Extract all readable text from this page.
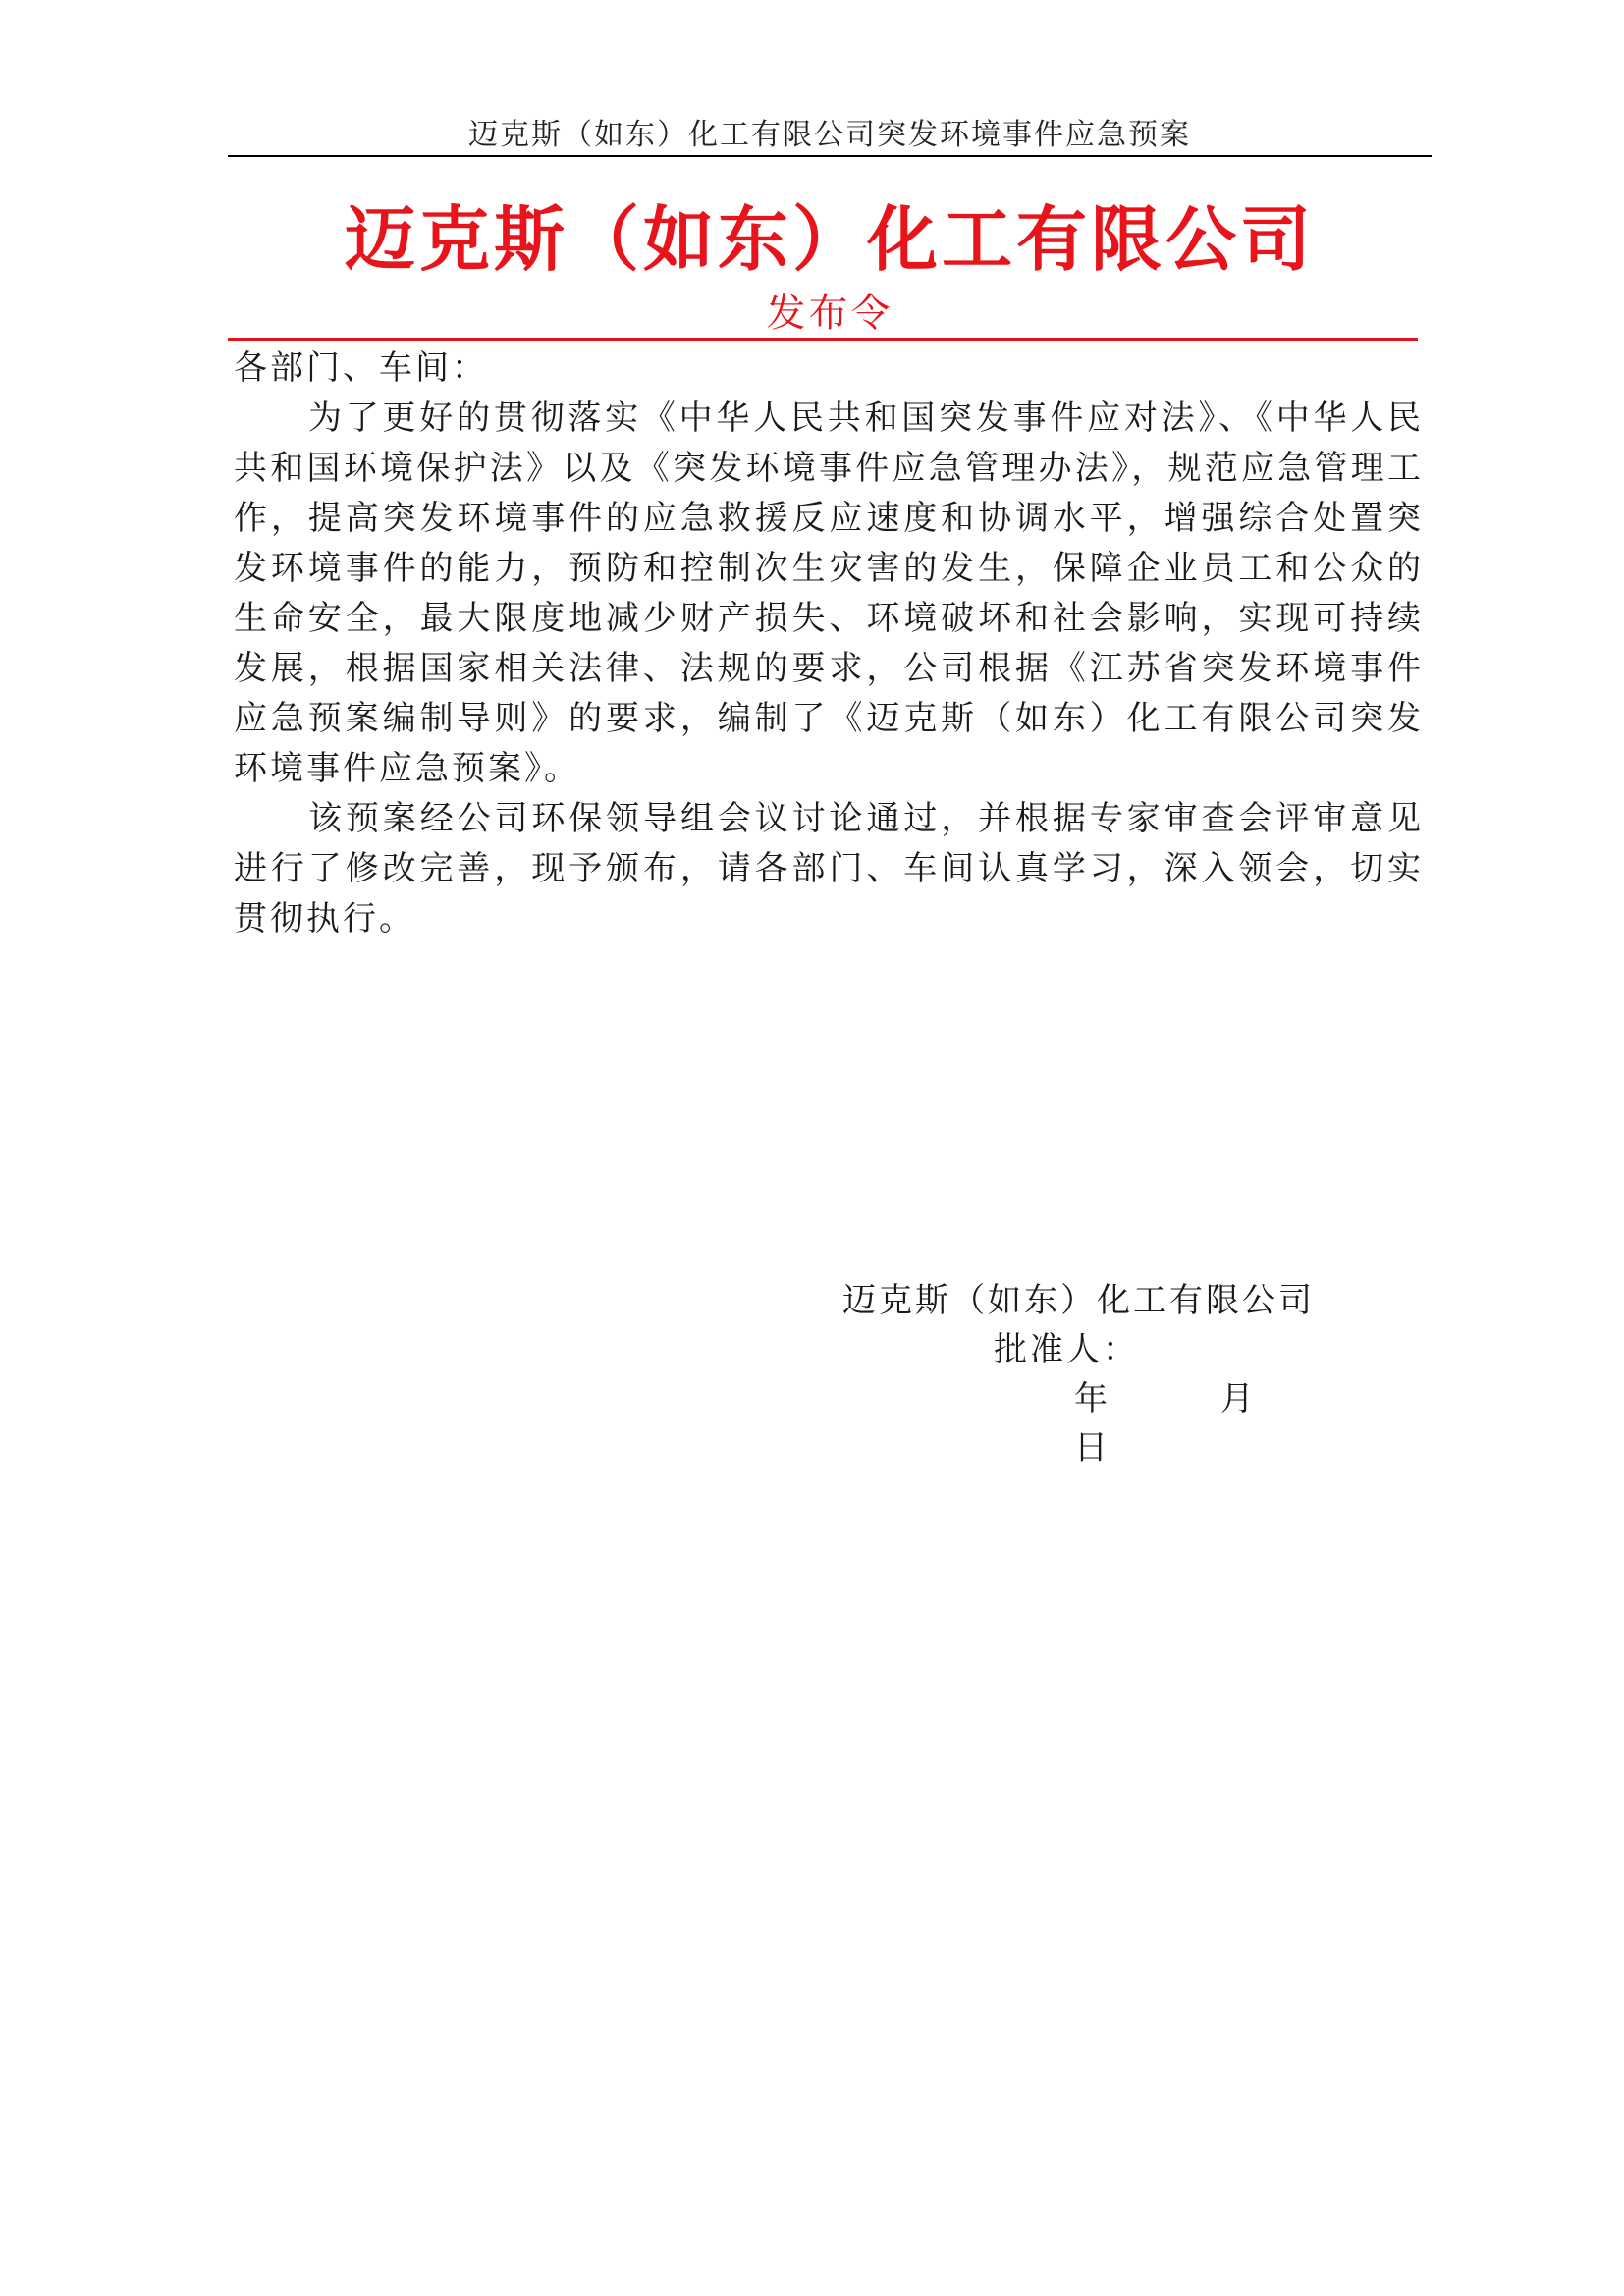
迈克斯（如东）化工有限公司突发环境事件应急预案
迈克斯（如东）化工有限公司
发布令

各部门、车间：

为了更好的贯彻落实《中华人民共和国突发事件应对法》、《中华人民共和国环境保护法》以及《突发环境事件应急管理办法》，规范应急管理工作，提高突发环境事件的应急救援反应速度和协调水平，增强综合处置突发环境事件的能力，预防和控制次生灾害的发生，保障企业员工和公众的生命安全，最大限度地减少财产损失、环境破坏和社会影响，实现可持续发展，根据国家相关法律、法规的要求，公司根据《江苏省突发环境事件应急预案编制导则》的要求，编制了《迈克斯（如东）化工有限公司突发环境事件应急预案》。

该预案经公司环保领导组会议讨论通过，并根据专家审查会评审意见进行了修改完善，现予颁布，请各部门、车间认真学习，深入领会，切实贯彻执行。

迈克斯（如东）化工有限公司
批准人：
年	月 日
